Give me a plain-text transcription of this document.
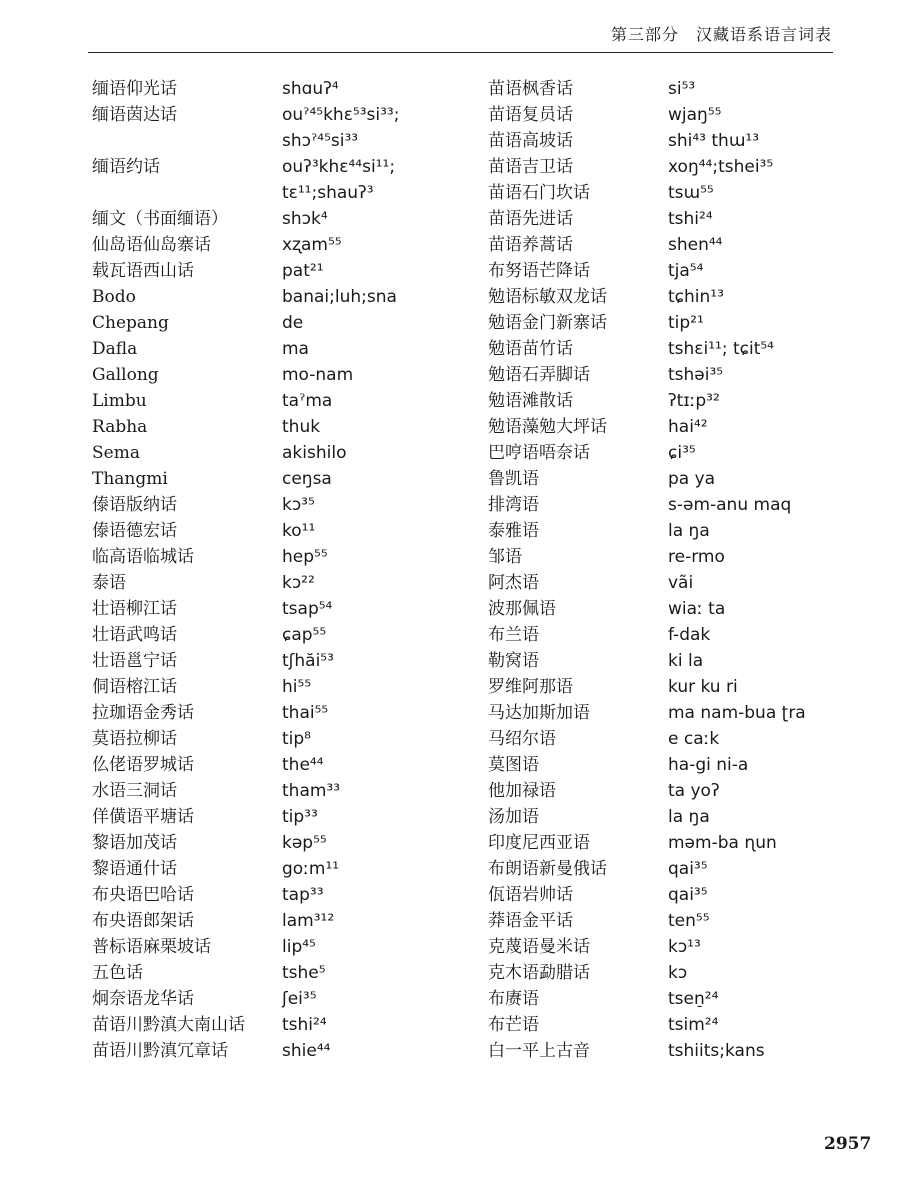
第三部分　汉藏语系语言词表
缅语仰光话	shɑuʔ⁴
缅语茵达话	ouˀ⁴⁵khɛ⁵³si³³;
shɔˀ⁴⁵si³³
缅语约话	ouʔ³khɛ⁴⁴si¹¹;
tɛ¹¹;shauʔ³
缅文（书面缅语）	shɔk⁴
仙岛语仙岛寨话	xʐam⁵⁵
载瓦语西山话	pat²¹
Bodo	banai;luh;sna
Chepang	de
Dafla	ma
Gallong	mo-nam
Limbu	taˀma
Rabha	thuk
Sema	akishilo
Thangmi	ceŋsa
傣语版纳话	kɔ³⁵
傣语德宏话	ko¹¹
临高语临城话	hep⁵⁵
泰语	kɔ²²
壮语柳江话	tsap⁵⁴
壮语武鸣话	ɕap⁵⁵
壮语邕宁话	tʃhăi⁵³
侗语榕江话	hi⁵⁵
拉珈语金秀话	thai⁵⁵
莫语拉柳话	tip⁸
仫佬语罗城话	the⁴⁴
水语三洞话	tham³³
佯僙语平塘话	tip³³
黎语加茂话	kəp⁵⁵
黎语通什话	goːm¹¹
布央语巴哈话	tap³³
布央语郎架话	lam³¹²
普标语麻栗坡话	lip⁴⁵
五色话	tshe⁵
炯奈语龙华话	ʃei³⁵
苗语川黔滇大南山话	tshi²⁴
苗语川黔滇冗章话	shie⁴⁴
苗语枫香话	si⁵³
苗语复员话	wjaŋ⁵⁵
苗语高坡话	shi⁴³ thɯ¹³
苗语吉卫话	xoŋ⁴⁴;tshei³⁵
苗语石门坎话	tsɯ⁵⁵
苗语先进话	tshi²⁴
苗语养蒿话	shen⁴⁴
布努语芒降话	tja⁵⁴
勉语标敏双龙话	tɕhin¹³
勉语金门新寨话	tip²¹
勉语苗竹话	tshɛi¹¹; tɕit⁵⁴
勉语石弄脚话	tshəi³⁵
勉语滩散话	ʔtɪːp³²
勉语藻勉大坪话	hai⁴²
巴哼语唔奈话	ɕi³⁵
鲁凯语	pa ya
排湾语	s-əm-anu maq
泰雅语	la ŋa
邹语	re-rmo
阿杰语	vãi
波那佩语	wiaː ta
布兰语	f-dak
勒窝语	ki la
罗维阿那语	kur ku ri
马达加斯加语	ma nam-bua ʈra
马绍尔语	e caːk
莫图语	ha-gi ni-a
他加禄语	ta yoʔ
汤加语	la ŋa
印度尼西亚语	məm-ba ɳun
布朗语新曼俄话	qai³⁵
佤语岩帅话	qai³⁵
莽语金平话	ten⁵⁵
克蔑语曼米话	kɔ¹³
克木语勐腊话	kɔ
布赓语	tsen̠²⁴
布芒语	tsim²⁴
白一平上古音	tshiits;kans
2957
